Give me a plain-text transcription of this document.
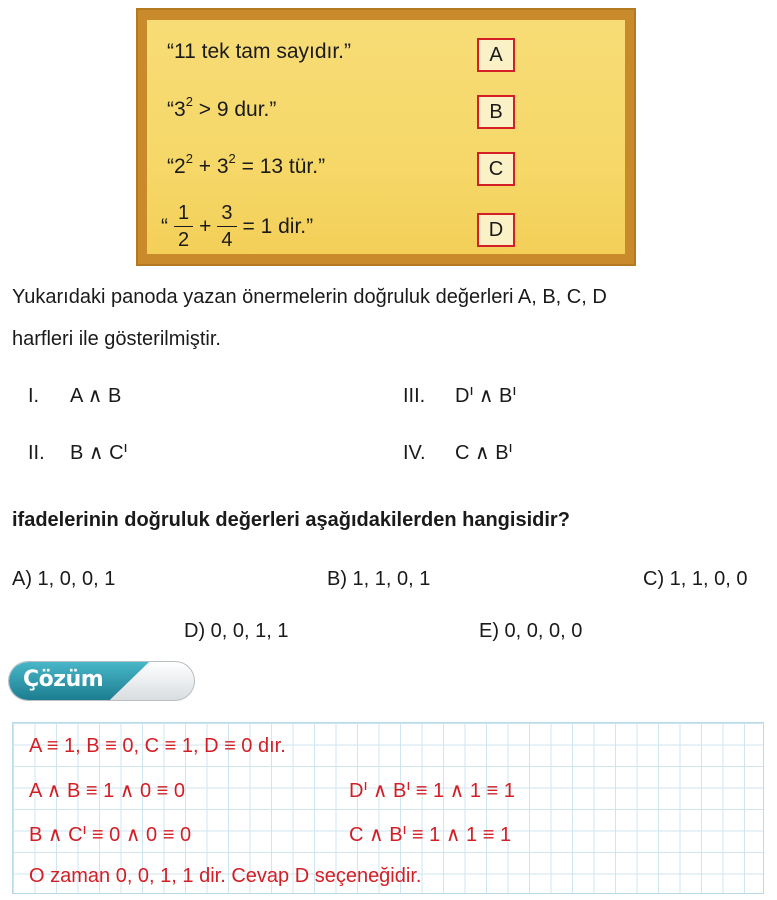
“11 tek tam sayıdır.”	A
“$3^2 > 9$ dur.”	B
“$2^2 + 3^2 = 13$ tür.”	C
“ $\frac{1}{2} + \frac{3}{4} = 1$ dir.”	D
Yukarıdaki panoda yazan önermelerin doğruluk değerleri A, B, C, D
harfleri ile gösterilmiştir.
I. A ∧ B
II. B ∧ Cᑊ
III. Dᑊ ∧ Bᑊ
IV. C ∧ Bᑊ
ifadelerinin doğruluk değerleri aşağıdakilerden hangisidir?
A) 1, 0, 0, 1	B) 1, 1, 0, 1	C) 1, 1, 0, 0
D) 0, 0, 1, 1	E) 0, 0, 0, 0
Çözüm
A ≡ 1, B ≡ 0, C ≡ 1, D ≡ 0 dır.
A ∧ B ≡ 1 ∧ 0 ≡ 0	Dᑊ ∧ Bᑊ ≡ 1 ∧ 1 ≡ 1
B ∧ Cᑊ ≡ 0 ∧ 0 ≡ 0	C ∧ Bᑊ ≡ 1 ∧ 1 ≡ 1
O zaman 0, 0, 1, 1 dir. Cevap D seçeneğidir.
